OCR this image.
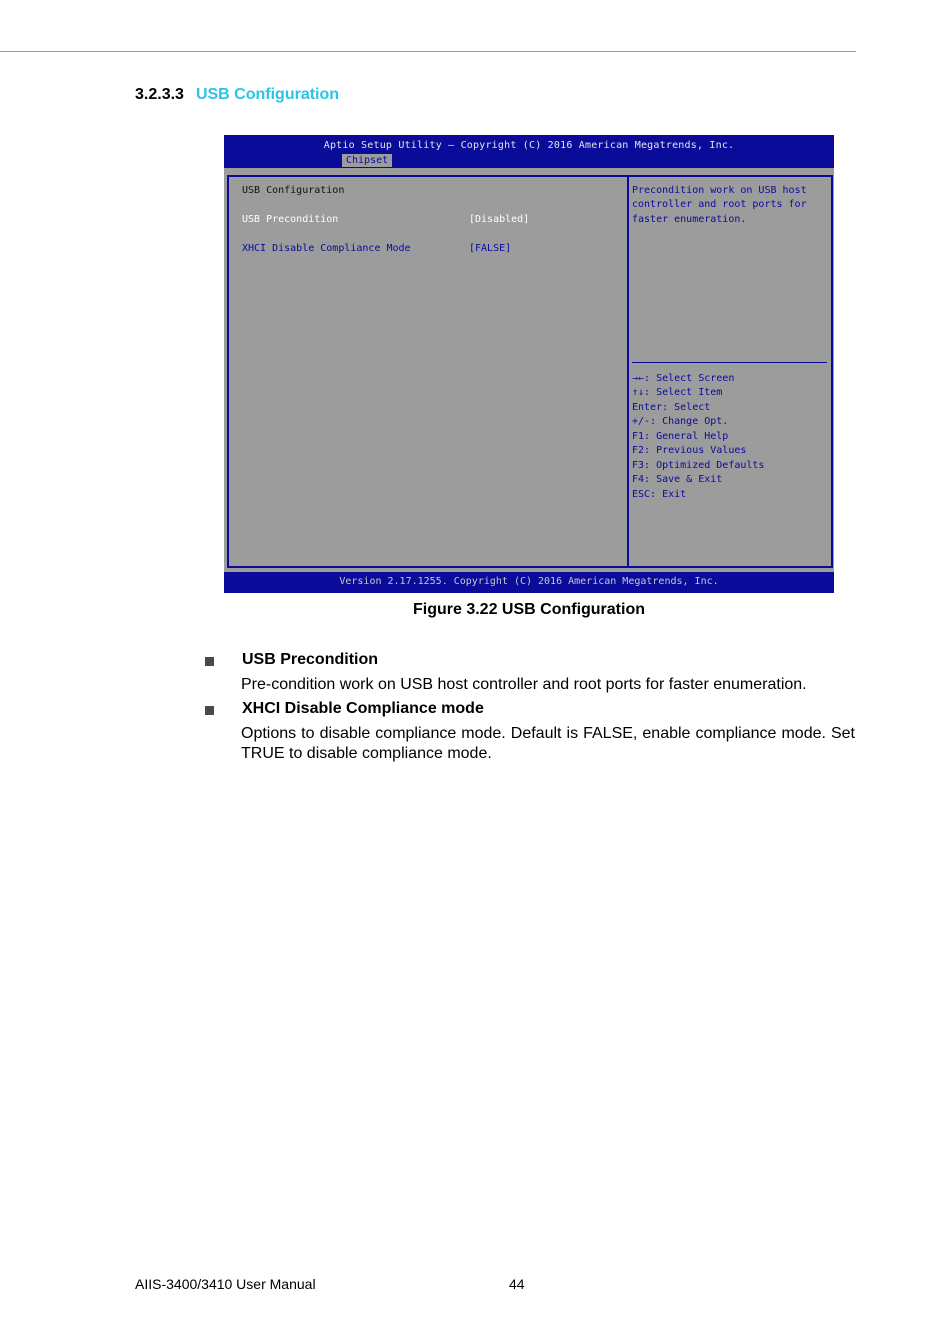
3.2.3.3 USB Configuration
Aptio Setup Utility – Copyright (C) 2016 American Megatrends, Inc.
Chipset
USB Configuration
USB Precondition	[Disabled]
XHCI Disable Compliance Mode	[FALSE]
Precondition work on USB host
controller and root ports for
faster enumeration.
→←: Select Screen
↑↓: Select Item
Enter: Select
+/-: Change Opt.
F1: General Help
F2: Previous Values
F3: Optimized Defaults
F4: Save & Exit
ESC: Exit
Version 2.17.1255. Copyright (C) 2016 American Megatrends, Inc.
Figure 3.22 USB Configuration
USB Precondition
Pre-condition work on USB host controller and root ports for faster enumeration.
XHCI Disable Compliance mode
Options to disable compliance mode. Default is FALSE, enable compliance mode. Set TRUE to disable compliance mode.
AIIS-3400/3410 User Manual	44
